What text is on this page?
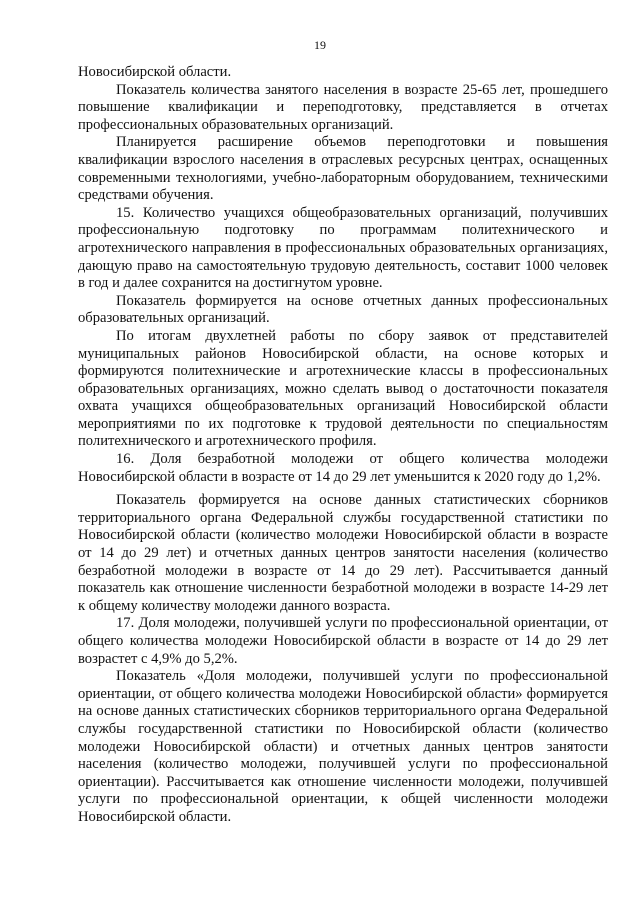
19

Новосибирской области.

Показатель количества занятого населения в возрасте 25-65 лет, прошедшего повышение квалификации и переподготовку, представляется в отчетах профессиональных образовательных организаций.

Планируется расширение объемов переподготовки и повышения квалификации взрослого населения в отраслевых ресурсных центрах, оснащенных современными технологиями, учебно-лабораторным оборудованием, техническими средствами обучения.

15. Количество учащихся общеобразовательных организаций, получивших профессиональную подготовку по программам политехнического и агротехнического направления в профессиональных образовательных организациях, дающую право на самостоятельную трудовую деятельность, составит 1000 человек в год и далее сохранится на достигнутом уровне.

Показатель формируется на основе отчетных данных профессиональных образовательных организаций.

По итогам двухлетней работы по сбору заявок от представителей муниципальных районов Новосибирской области, на основе которых и формируются политехнические и агротехнические классы в профессиональных образовательных организациях, можно сделать вывод о достаточности показателя охвата учащихся общеобразовательных организаций Новосибирской области мероприятиями по их подготовке к трудовой деятельности по специальностям политехнического и агротехнического профиля.

16. Доля безработной молодежи от общего количества молодежи Новосибирской области в возрасте от 14 до 29 лет уменьшится к 2020 году до 1,2%.

Показатель формируется на основе данных статистических сборников территориального органа Федеральной службы государственной статистики по Новосибирской области (количество молодежи Новосибирской области в возрасте от 14 до 29 лет) и отчетных данных центров занятости населения (количество безработной молодежи в возрасте от 14 до 29 лет). Рассчитывается данный показатель как отношение численности безработной молодежи в возрасте 14-29 лет к общему количеству молодежи данного возраста.

17. Доля молодежи, получившей услуги по профессиональной ориентации, от общего количества молодежи Новосибирской области в возрасте от 14 до 29 лет возрастет с 4,9% до 5,2%.

Показатель «Доля молодежи, получившей услуги по профессиональной ориентации, от общего количества молодежи Новосибирской области» формируется на основе данных статистических сборников территориального органа Федеральной службы государственной статистики по Новосибирской области (количество молодежи Новосибирской области) и отчетных данных центров занятости населения (количество молодежи, получившей услуги по профессиональной ориентации). Рассчитывается как отношение численности молодежи, получившей услуги по профессиональной ориентации, к общей численности молодежи Новосибирской области.
